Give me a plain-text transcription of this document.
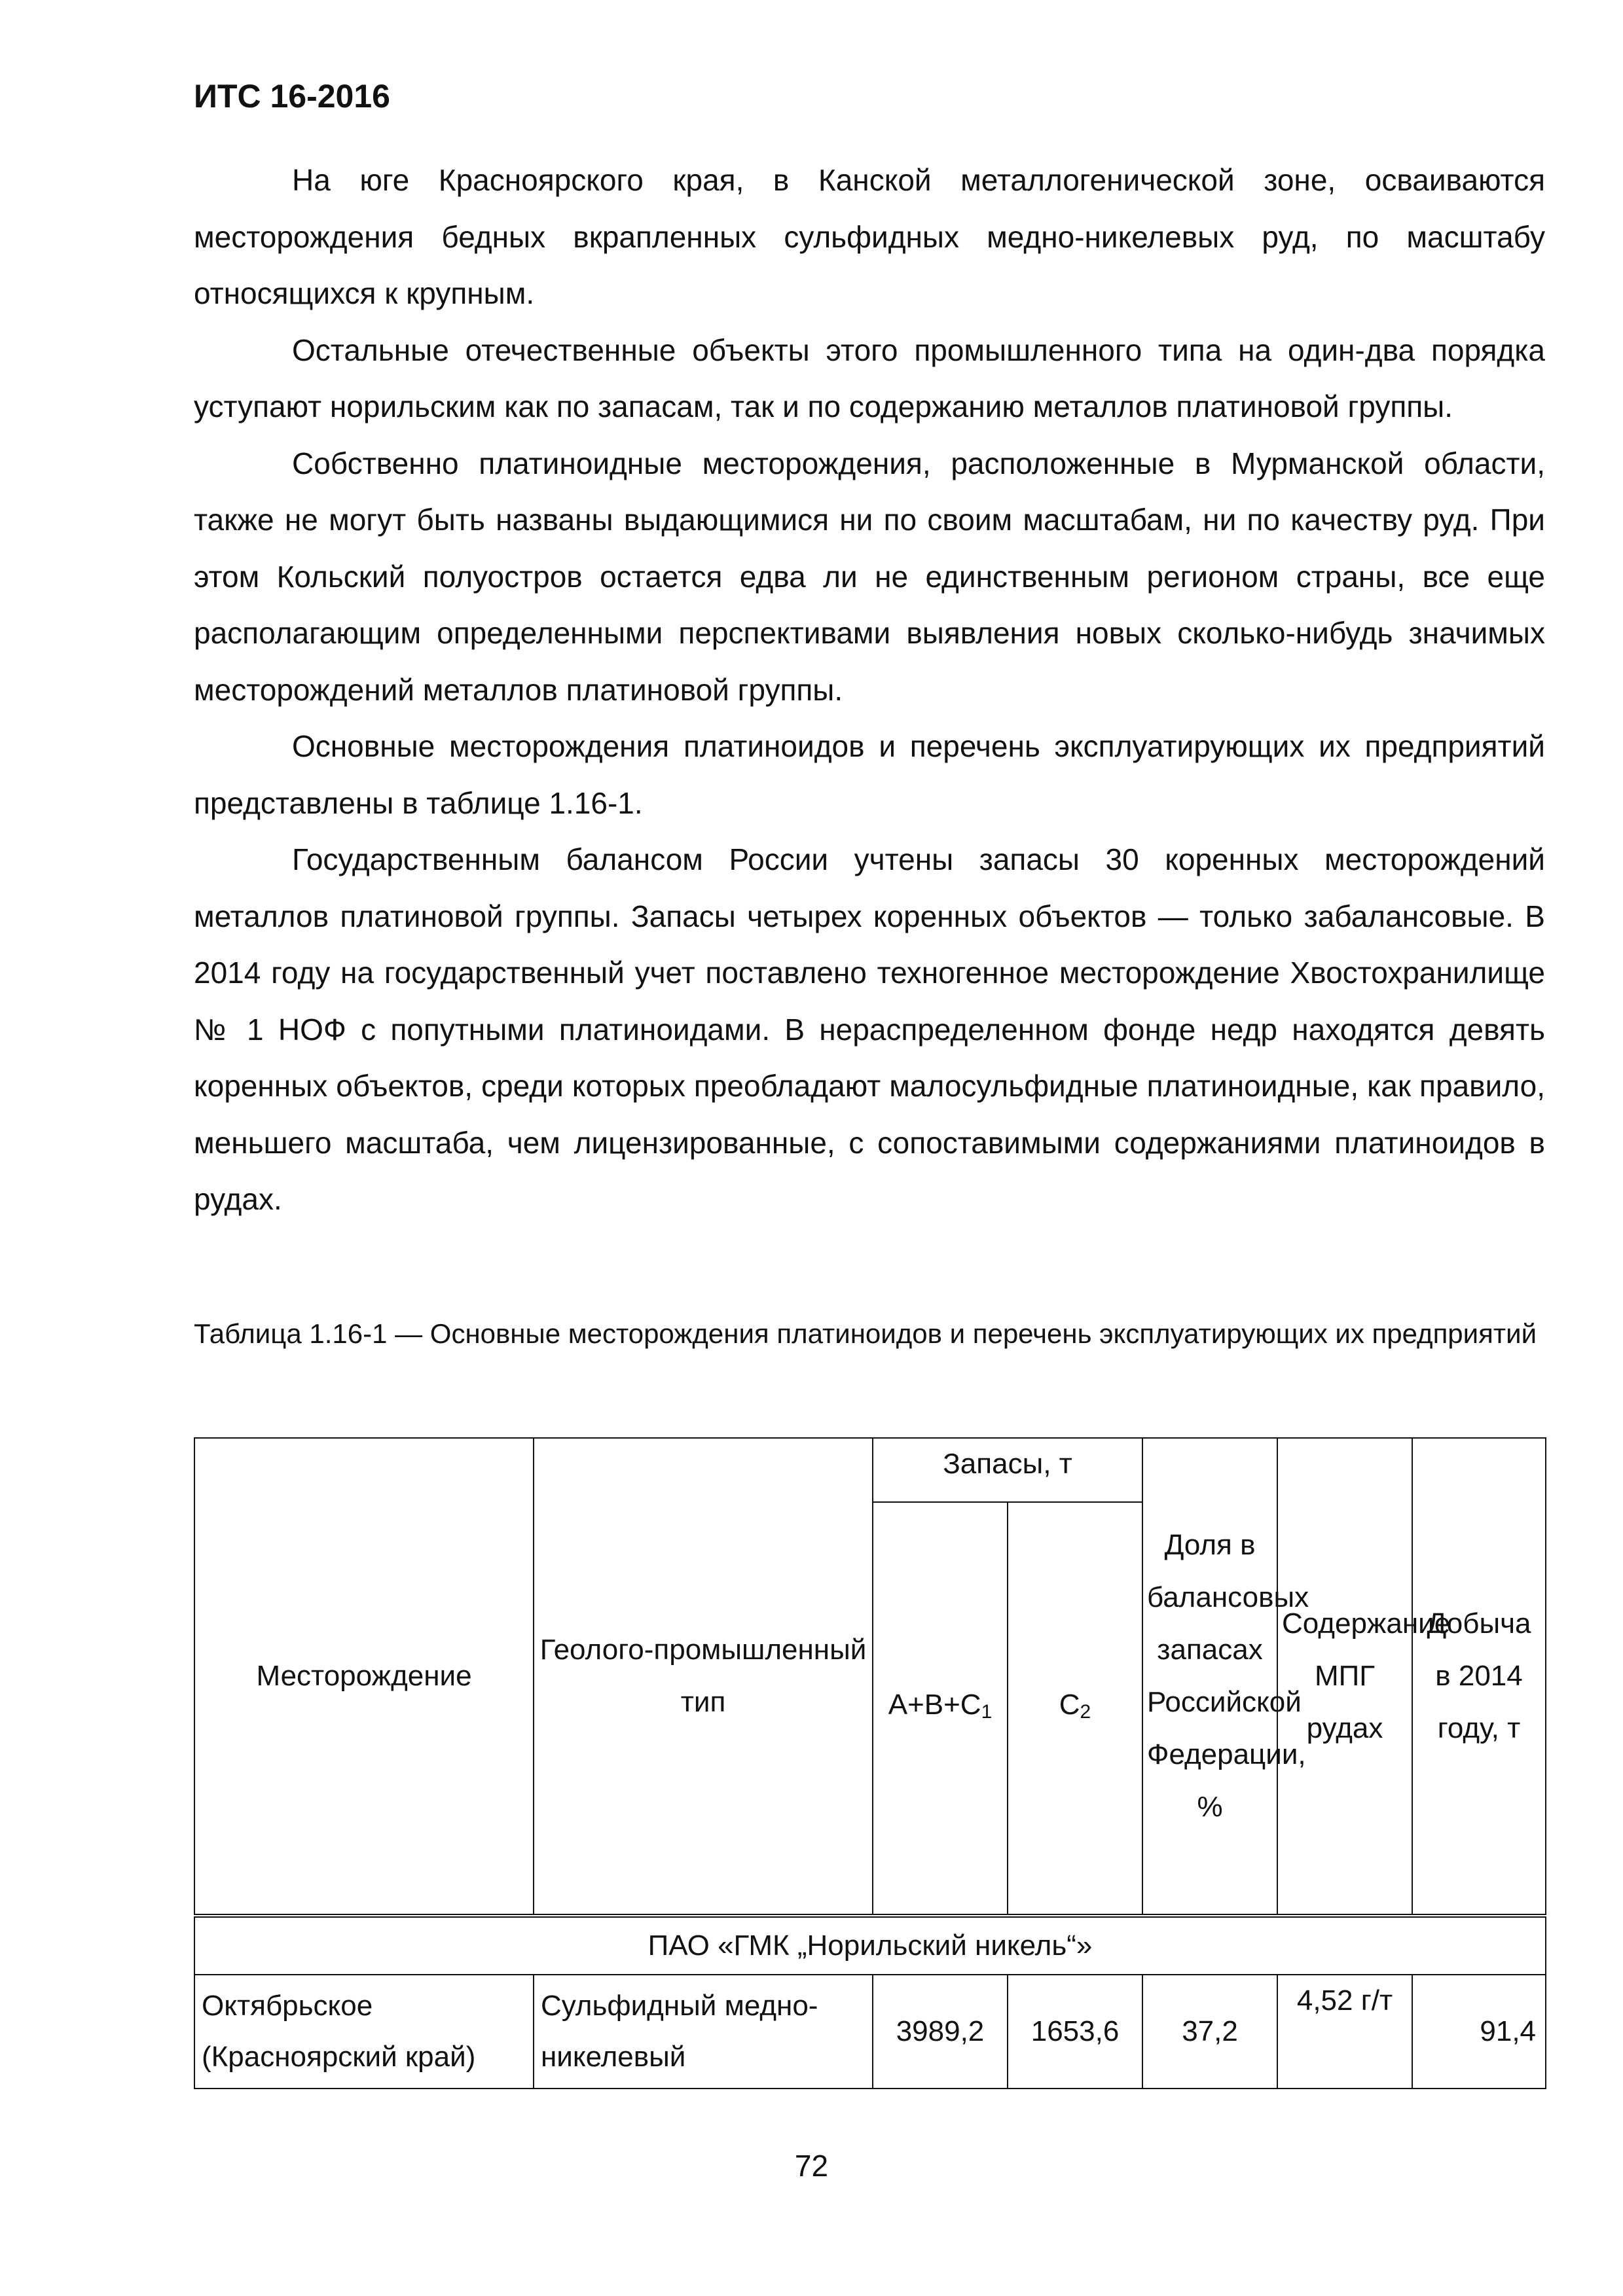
ИТС 16-2016

На юге Красноярского края, в Канской металлогенической зоне, осваиваются месторождения бедных вкрапленных сульфидных медно-никелевых руд, по масштабу относящихся к крупным.

Остальные отечественные объекты этого промышленного типа на один-два порядка уступают норильским как по запасам, так и по содержанию металлов платиновой группы.

Собственно платиноидные месторождения, расположенные в Мурманской области, также не могут быть названы выдающимися ни по своим масштабам, ни по качеству руд. При этом Кольский полуостров остается едва ли не единственным регионом страны, все еще располагающим определенными перспективами выявления новых сколько-нибудь значимых месторождений металлов платиновой группы.

Основные месторождения платиноидов и перечень эксплуатирующих их предприятий представлены в таблице 1.16-1.

Государственным балансом России учтены запасы 30 коренных месторождений металлов платиновой группы. Запасы четырех коренных объектов — только забалансовые. В 2014 году на государственный учет поставлено техногенное месторождение Хвостохранилище № 1 НОФ с попутными платиноидами. В нераспределенном фонде недр находятся девять коренных объектов, среди которых преобладают малосульфидные платиноидные, как правило, меньшего масштаба, чем лицензированные, с сопоставимыми содержаниями платиноидов в рудах.

Таблица 1.16-1 — Основные месторождения платиноидов и перечень эксплуатирующих их предприятий
Месторождение	Геолого-промышленный тип	Запасы, т		Доля в балансовых запасах Российской Федерации, %	Содержание МПГ рудах	Добыча в 2014 году, т
		$А+В+С_1$	$С_2$
ПАО «ГМК „Норильский никель“»						
Октябрьское (Красноярский край)	Сульфидный медно-никелевый	3989,2	1653,6	37,2	4,52 г/т	91,4
72
